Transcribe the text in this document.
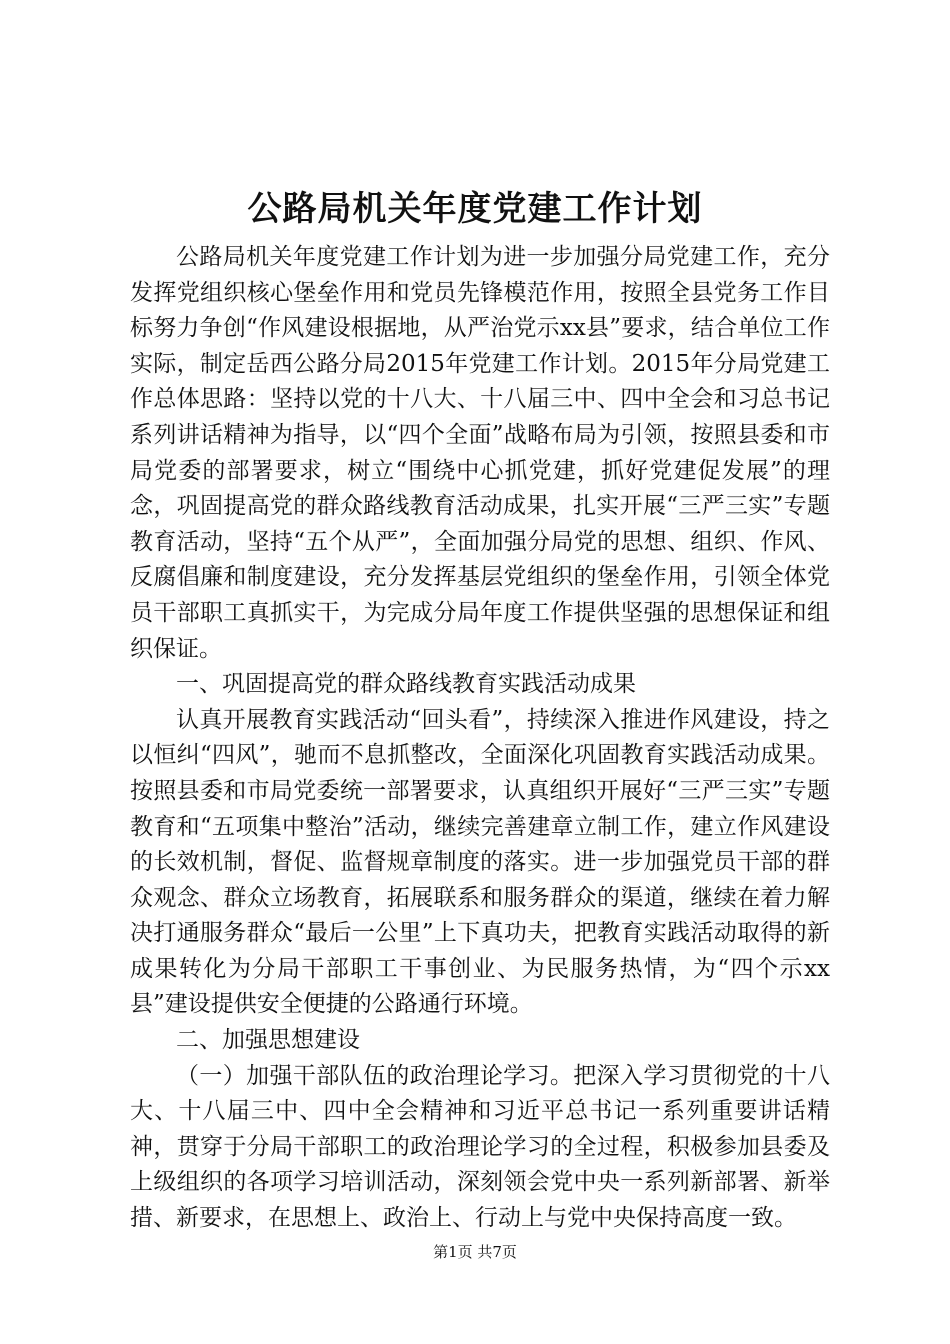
公路局机关年度党建工作计划

公路局机关年度党建工作计划为进一步加强分局党建工作，充分发挥党组织核心堡垒作用和党员先锋模范作用，按照全县党务工作目标努力争创“作风建设根据地，从严治党示xx县”要求，结合单位工作实际，制定岳西公路分局2015年党建工作计划。2015年分局党建工作总体思路：坚持以党的十八大、十八届三中、四中全会和习总书记系列讲话精神为指导，以“四个全面”战略布局为引领，按照县委和市局党委的部署要求，树立“围绕中心抓党建，抓好党建促发展”的理念，巩固提高党的群众路线教育活动成果，扎实开展“三严三实”专题教育活动，坚持“五个从严”，全面加强分局党的思想、组织、作风、反腐倡廉和制度建设，充分发挥基层党组织的堡垒作用，引领全体党员干部职工真抓实干，为完成分局年度工作提供坚强的思想保证和组织保证。

一、巩固提高党的群众路线教育实践活动成果

认真开展教育实践活动“回头看”，持续深入推进作风建设，持之以恒纠“四风”，驰而不息抓整改，全面深化巩固教育实践活动成果。按照县委和市局党委统一部署要求，认真组织开展好“三严三实”专题教育和“五项集中整治”活动，继续完善建章立制工作，建立作风建设的长效机制，督促、监督规章制度的落实。进一步加强党员干部的群众观念、群众立场教育，拓展联系和服务群众的渠道，继续在着力解决打通服务群众“最后一公里”上下真功夫，把教育实践活动取得的新成果转化为分局干部职工干事创业、为民服务热情，为“四个示xx县”建设提供安全便捷的公路通行环境。

二、加强思想建设

（一）加强干部队伍的政治理论学习。把深入学习贯彻党的十八大、十八届三中、四中全会精神和习近平总书记一系列重要讲话精神，贯穿于分局干部职工的政治理论学习的全过程，积极参加县委及上级组织的各项学习培训活动，深刻领会党中央一系列新部署、新举措、新要求，在思想上、政治上、行动上与党中央保持高度一致。

第1页 共7页
